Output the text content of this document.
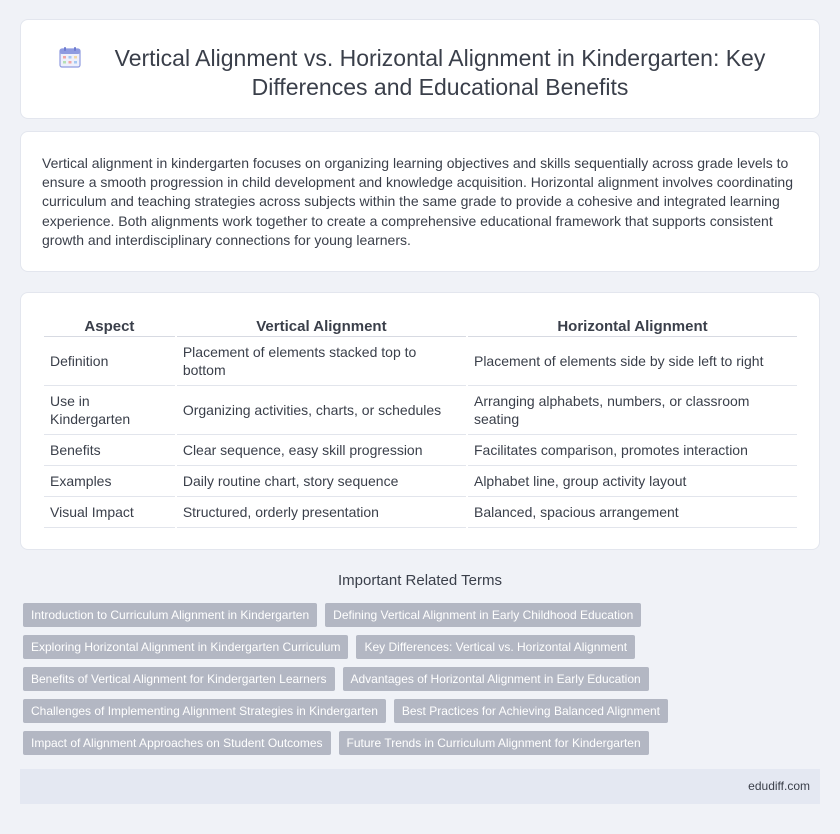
Vertical Alignment vs. Horizontal Alignment in Kindergarten: Key Differences and Educational Benefits

Vertical alignment in kindergarten focuses on organizing learning objectives and skills sequentially across grade levels to ensure a smooth progression in child development and knowledge acquisition. Horizontal alignment involves coordinating curriculum and teaching strategies across subjects within the same grade to provide a cohesive and integrated learning experience. Both alignments work together to create a comprehensive educational framework that supports consistent growth and interdisciplinary connections for young learners.

Aspect	Vertical Alignment	Horizontal Alignment
Definition	Placement of elements stacked top to bottom	Placement of elements side by side left to right
Use in Kindergarten	Organizing activities, charts, or schedules	Arranging alphabets, numbers, or classroom seating
Benefits	Clear sequence, easy skill progression	Facilitates comparison, promotes interaction
Examples	Daily routine chart, story sequence	Alphabet line, group activity layout
Visual Impact	Structured, orderly presentation	Balanced, spacious arrangement
Important Related Terms
Introduction to Curriculum Alignment in Kindergarten	Defining Vertical Alignment in Early Childhood Education
Exploring Horizontal Alignment in Kindergarten Curriculum	Key Differences: Vertical vs. Horizontal Alignment
Benefits of Vertical Alignment for Kindergarten Learners	Advantages of Horizontal Alignment in Early Education
Challenges of Implementing Alignment Strategies in Kindergarten	Best Practices for Achieving Balanced Alignment
Impact of Alignment Approaches on Student Outcomes	Future Trends in Curriculum Alignment for Kindergarten
edudiff.com
